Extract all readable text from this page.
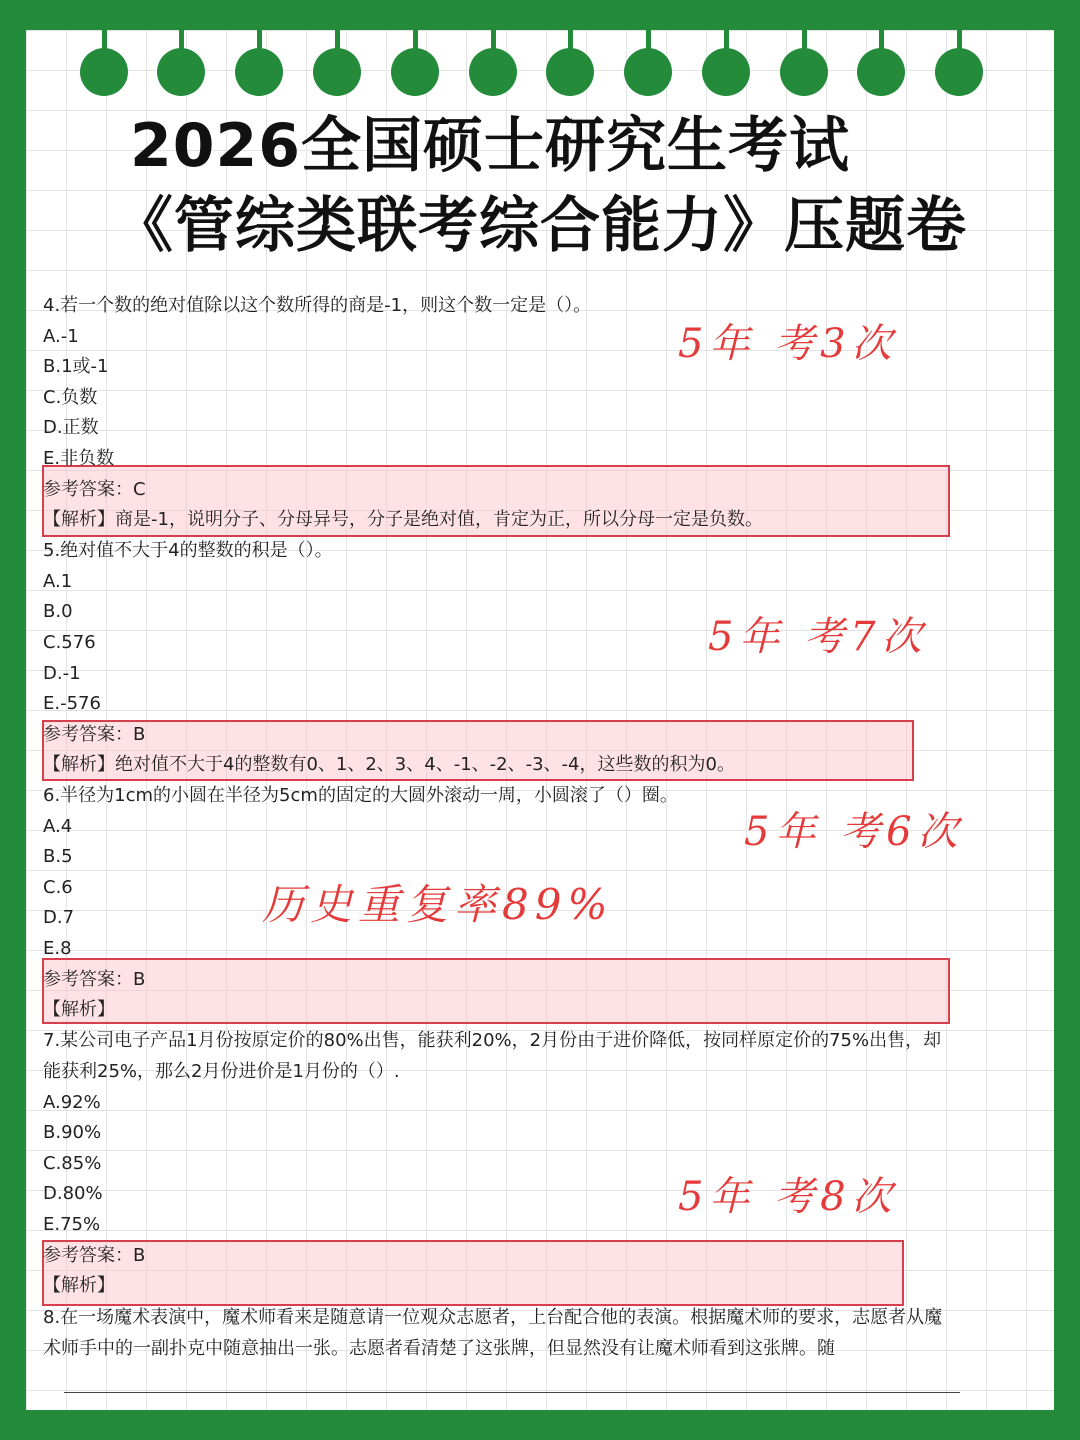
2026全国硕士研究生考试
《管综类联考综合能力》压题卷
4.若一个数的绝对值除以这个数所得的商是-1，则这个数一定是（）。
A.-1
B.1或-1
C.负数
D.正数
E.非负数
参考答案：C
【解析】商是-1，说明分子、分母异号，分子是绝对值，肯定为正，所以分母一定是负数。
5年 考3次
5.绝对值不大于4的整数的积是（）。
A.1
B.0
C.576
D.-1
E.-576
参考答案：B
【解析】绝对值不大于4的整数有0、1、2、3、4、-1、-2、-3、-4，这些数的积为0。
5年 考7次
6.半径为1cm的小圆在半径为5cm的固定的大圆外滚动一周，小圆滚了（）圈。
A.4
B.5
C.6
D.7
E.8
参考答案：B
【解析】
5年 考6次
历史重复率89%
7.某公司电子产品1月份按原定价的80%出售，能获利20%，2月份由于进价降低，按同样原定价的75%出售，却
能获利25%，那么2月份进价是1月份的（）.
A.92%
B.90%
C.85%
D.80%
E.75%
参考答案：B
【解析】
5年 考8次
8.在一场魔术表演中，魔术师看来是随意请一位观众志愿者，上台配合他的表演。根据魔术师的要求，志愿者从魔
术师手中的一副扑克中随意抽出一张。志愿者看清楚了这张牌，但显然没有让魔术师看到这张牌。随
